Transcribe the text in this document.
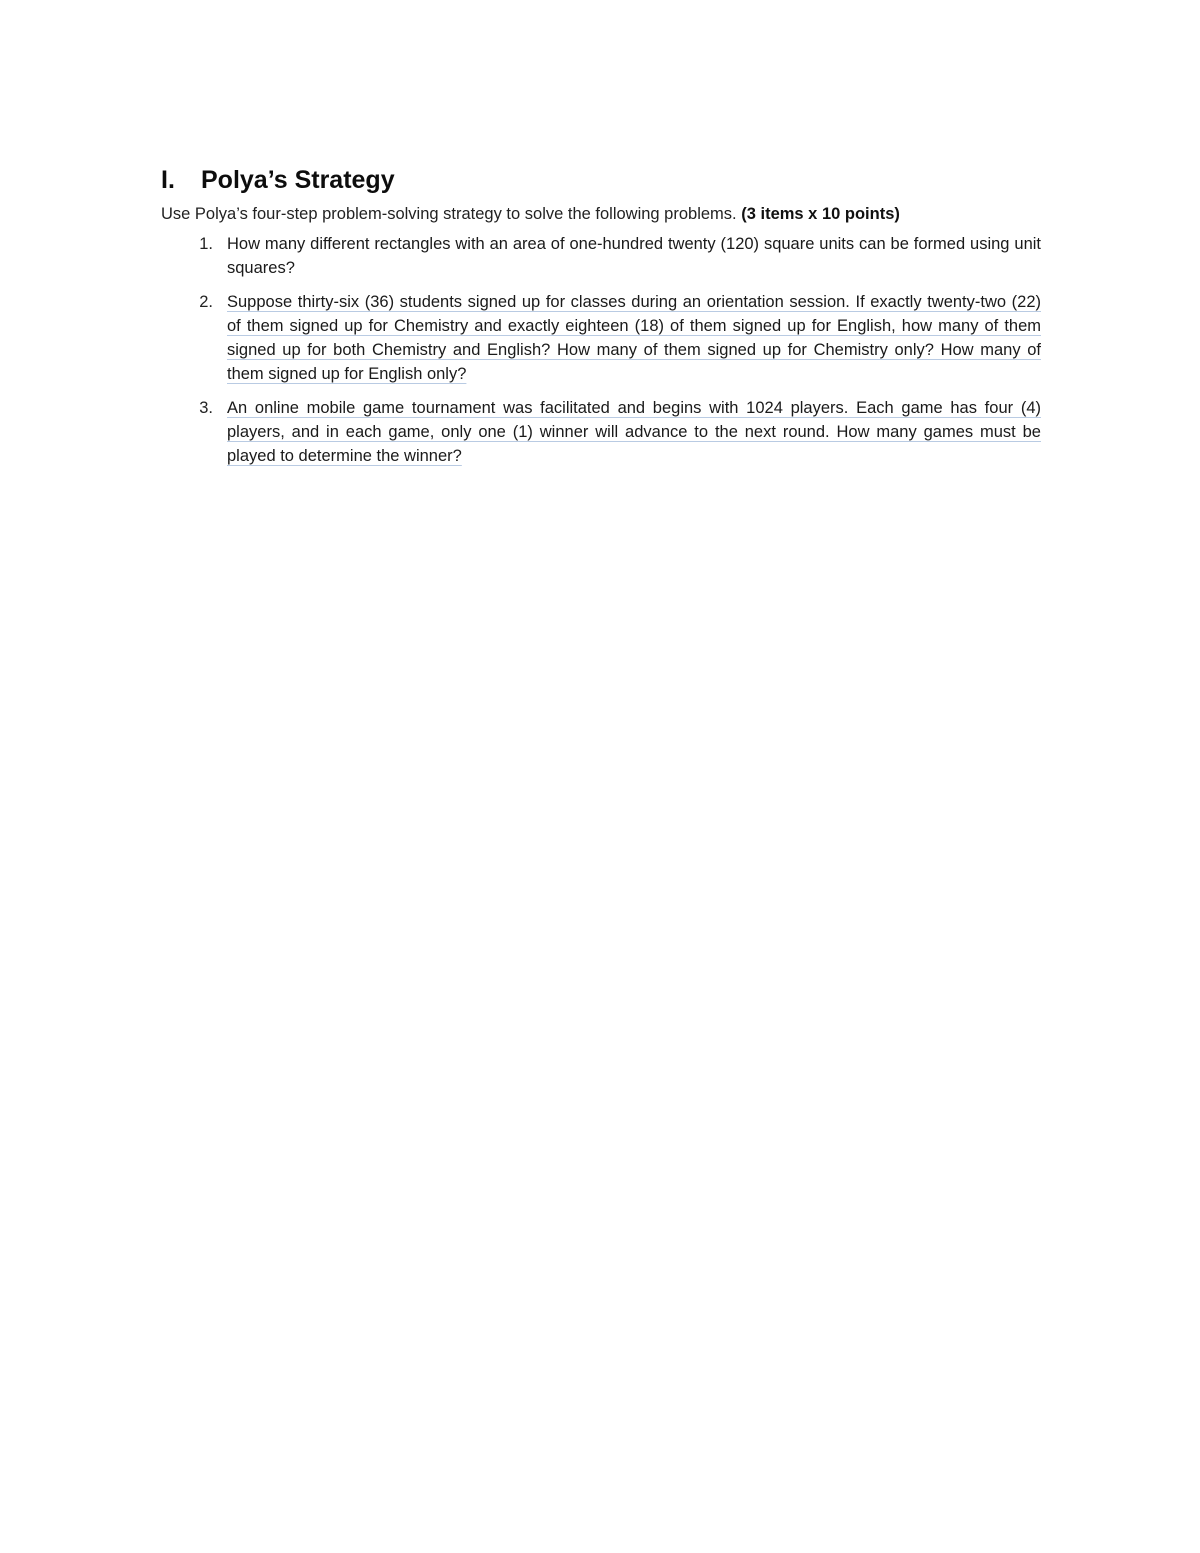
I.	Polya’s Strategy

Use Polya’s four-step problem-solving strategy to solve the following problems. (3 items x 10 points)

1. How many different rectangles with an area of one-hundred twenty (120) square units can be formed using unit squares?
2. Suppose thirty-six (36) students signed up for classes during an orientation session. If exactly twenty-two (22) of them signed up for Chemistry and exactly eighteen (18) of them signed up for English, how many of them signed up for both Chemistry and English? How many of them signed up for Chemistry only? How many of them signed up for English only?
3. An online mobile game tournament was facilitated and begins with 1024 players. Each game has four (4) players, and in each game, only one (1) winner will advance to the next round. How many games must be played to determine the winner?
